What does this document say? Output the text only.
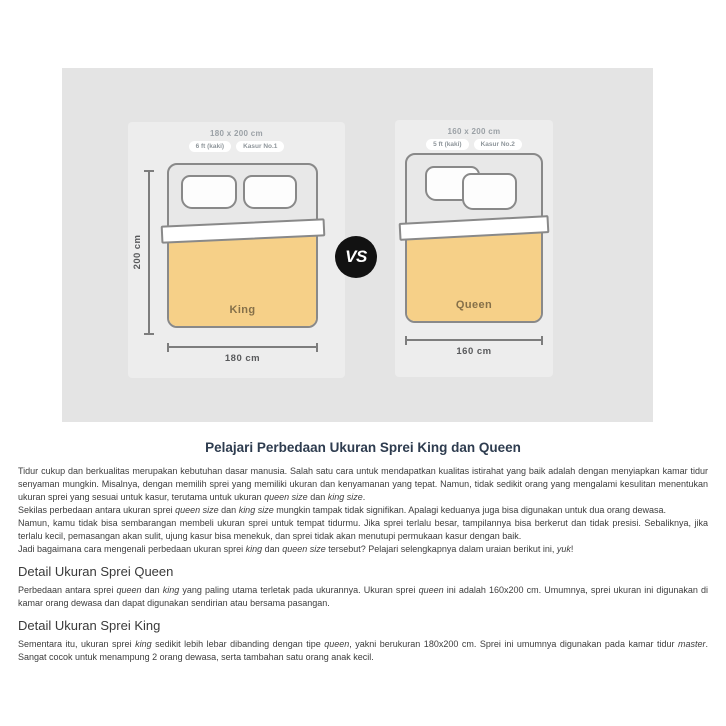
180 x 200 cm
6 ft (kaki)	Kasur No.1
200 cm
King
180 cm
VS
160 x 200 cm
5 ft (kaki)	Kasur No.2
Queen
160 cm
Pelajari Perbedaan Ukuran Sprei King dan Queen

Tidur cukup dan berkualitas merupakan kebutuhan dasar manusia. Salah satu cara untuk mendapatkan kualitas istirahat yang baik adalah dengan menyiapkan kamar tidur senyaman mungkin. Misalnya, dengan memilih sprei yang memiliki ukuran dan kenyamanan yang tepat. Namun, tidak sedikit orang yang mengalami kesulitan menentukan ukuran sprei yang sesuai untuk kasur, terutama untuk ukuran queen size dan king size.

Sekilas perbedaan antara ukuran sprei queen size dan king size mungkin tampak tidak signifikan. Apalagi keduanya juga bisa digunakan untuk dua orang dewasa.

Namun, kamu tidak bisa sembarangan membeli ukuran sprei untuk tempat tidurmu. Jika sprei terlalu besar, tampilannya bisa berkerut dan tidak presisi. Sebaliknya, jika terlalu kecil, pemasangan akan sulit, ujung kasur bisa menekuk, dan sprei tidak akan menutupi permukaan kasur dengan baik.

Jadi bagaimana cara mengenali perbedaan ukuran sprei king dan queen size tersebut? Pelajari selengkapnya dalam uraian berikut ini, yuk!

Detail Ukuran Sprei Queen

Perbedaan antara sprei queen dan king yang paling utama terletak pada ukurannya. Ukuran sprei queen ini adalah 160x200 cm. Umumnya, sprei ukuran ini digunakan di kamar orang dewasa dan dapat digunakan sendirian atau bersama pasangan.

Detail Ukuran Sprei King

Sementara itu, ukuran sprei king sedikit lebih lebar dibanding dengan tipe queen, yakni berukuran 180x200 cm. Sprei ini umumnya digunakan pada kamar tidur master. Sangat cocok untuk menampung 2 orang dewasa, serta tambahan satu orang anak kecil.
